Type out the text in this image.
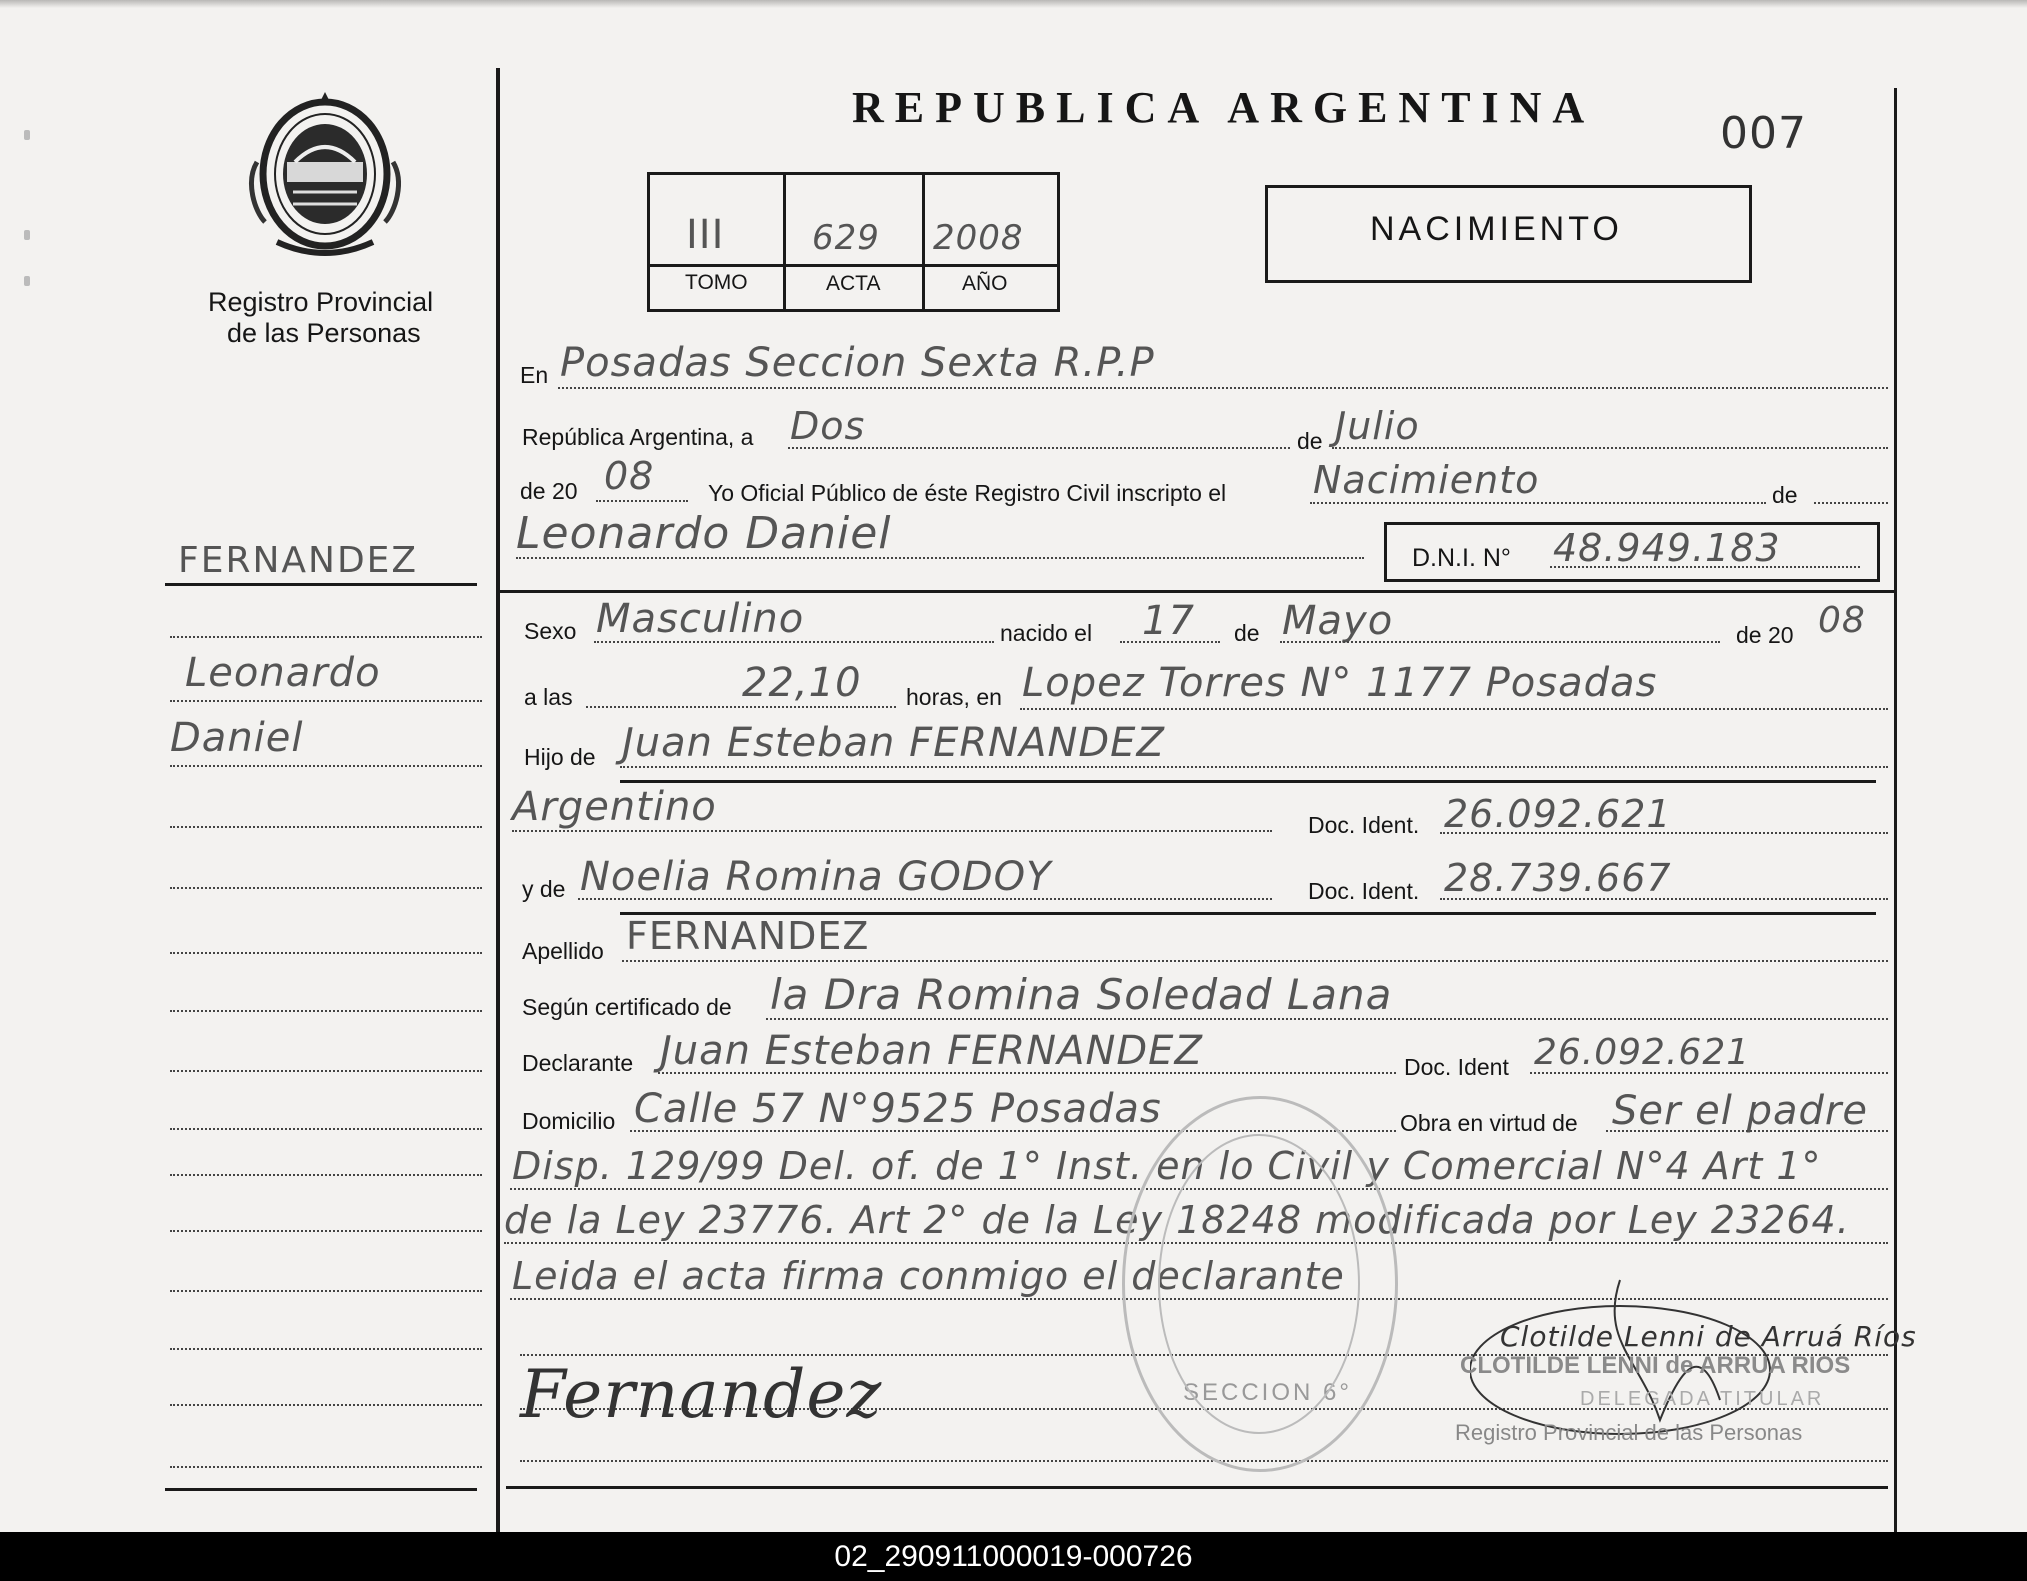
Registro Provincial
de las Personas
FERNANDEZ
Leonardo
Daniel
REPUBLICA ARGENTINA
007
III	629 2008
TOMO	ACTA	AÑO
NACIMIENTO
En Posadas Seccion Sexta R.P.P
República Argentina, a Dos	de Julio
de 20 08 Yo Oficial Público de éste Registro Civil inscripto el Nacimiento	de
Leonardo Daniel	D.N.I. N° 48.949.183
Sexo Masculino	nacido el 17 de Mayo	de 20 08
a las	22,10 horas, en Lopez Torres N° 1177 Posadas
Hijo de Juan Esteban FERNANDEZ
Argentino	Doc. Ident. 26.092.621
y de Noelia Romina GODOY	Doc. Ident. 28.739.667
Apellido FERNANDEZ
Según certificado de la Dra Romina Soledad Lana
Declarante Juan Esteban FERNANDEZ	Doc. Ident 26.092.621
Domicilio Calle 57 N°9525 Posadas	Obra en virtud de Ser el padre
Disp. 129/99 Del. of. de 1° Inst. en lo Civil y Comercial N°4 Art 1°
de la Ley 23776. Art 2° de la Ley 18248 modificada por Ley 23264.
Leida el acta firma conmigo el declarante
SECCION 6°
Fernandez
Clotilde Lenni de Arruá Ríos
CLOTILDE LENNI de ARRUA RIOS
DELEGADA TITULAR
Registro Provincial de las Personas
02_290911000019-000726
